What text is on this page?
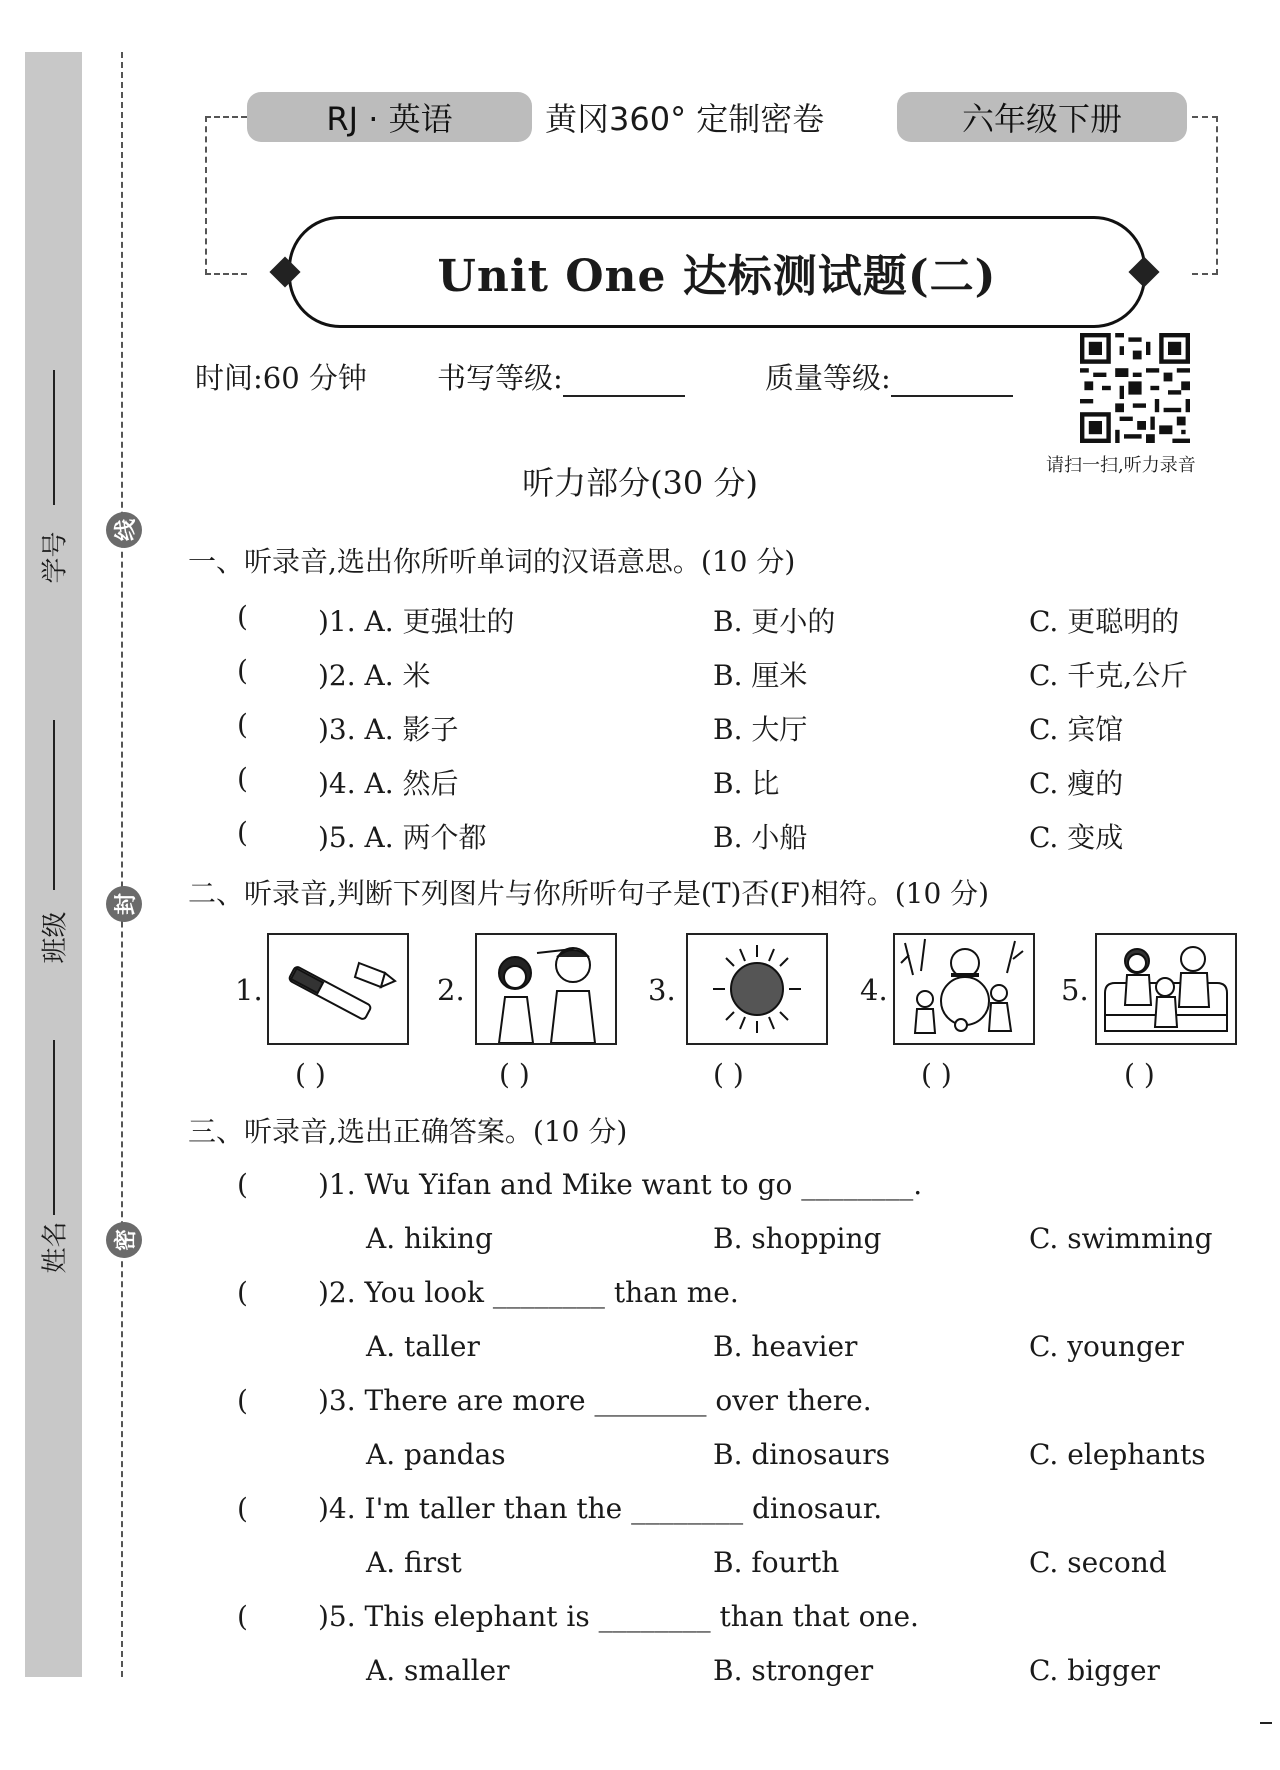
学号
班级
姓名
线
封
密
RJ · 英语	黄冈360° 定制密卷	六年级下册
Unit One 达标测试题(二)
时间:60 分钟 书写等级:	质量等级:
请扫一扫,听力录音
听力部分(30 分)
一、听录音,选出你所听单词的汉语意思。(10 分)
(	)1. A. 更强壮的	B. 更小的	C. 更聪明的
(	)2. A. 米	B. 厘米	C. 千克,公斤
(	)3. A. 影子	B. 大厅	C. 宾馆
(	)4. A. 然后	B. 比	C. 瘦的
(	)5. A. 两个都	B. 小船	C. 变成
二、听录音,判断下列图片与你所听句子是(T)否(F)相符。(10 分)
1.	2.	3.	4.	5.
( )	( )	( )	( )	( )
三、听录音,选出正确答案。(10 分)
(	)1. Wu Yifan and Mike want to go ________.
A. hiking	B. shopping	C. swimming
(	)2. You look ________ than me.
A. taller	B. heavier	C. younger
(	)3. There are more ________ over there.
A. pandas	B. dinosaurs	C. elephants
(	)4. I'm taller than the ________ dinosaur.
A. first	B. fourth	C. second
(	)5. This elephant is ________ than that one.
A. smaller	B. stronger	C. bigger
